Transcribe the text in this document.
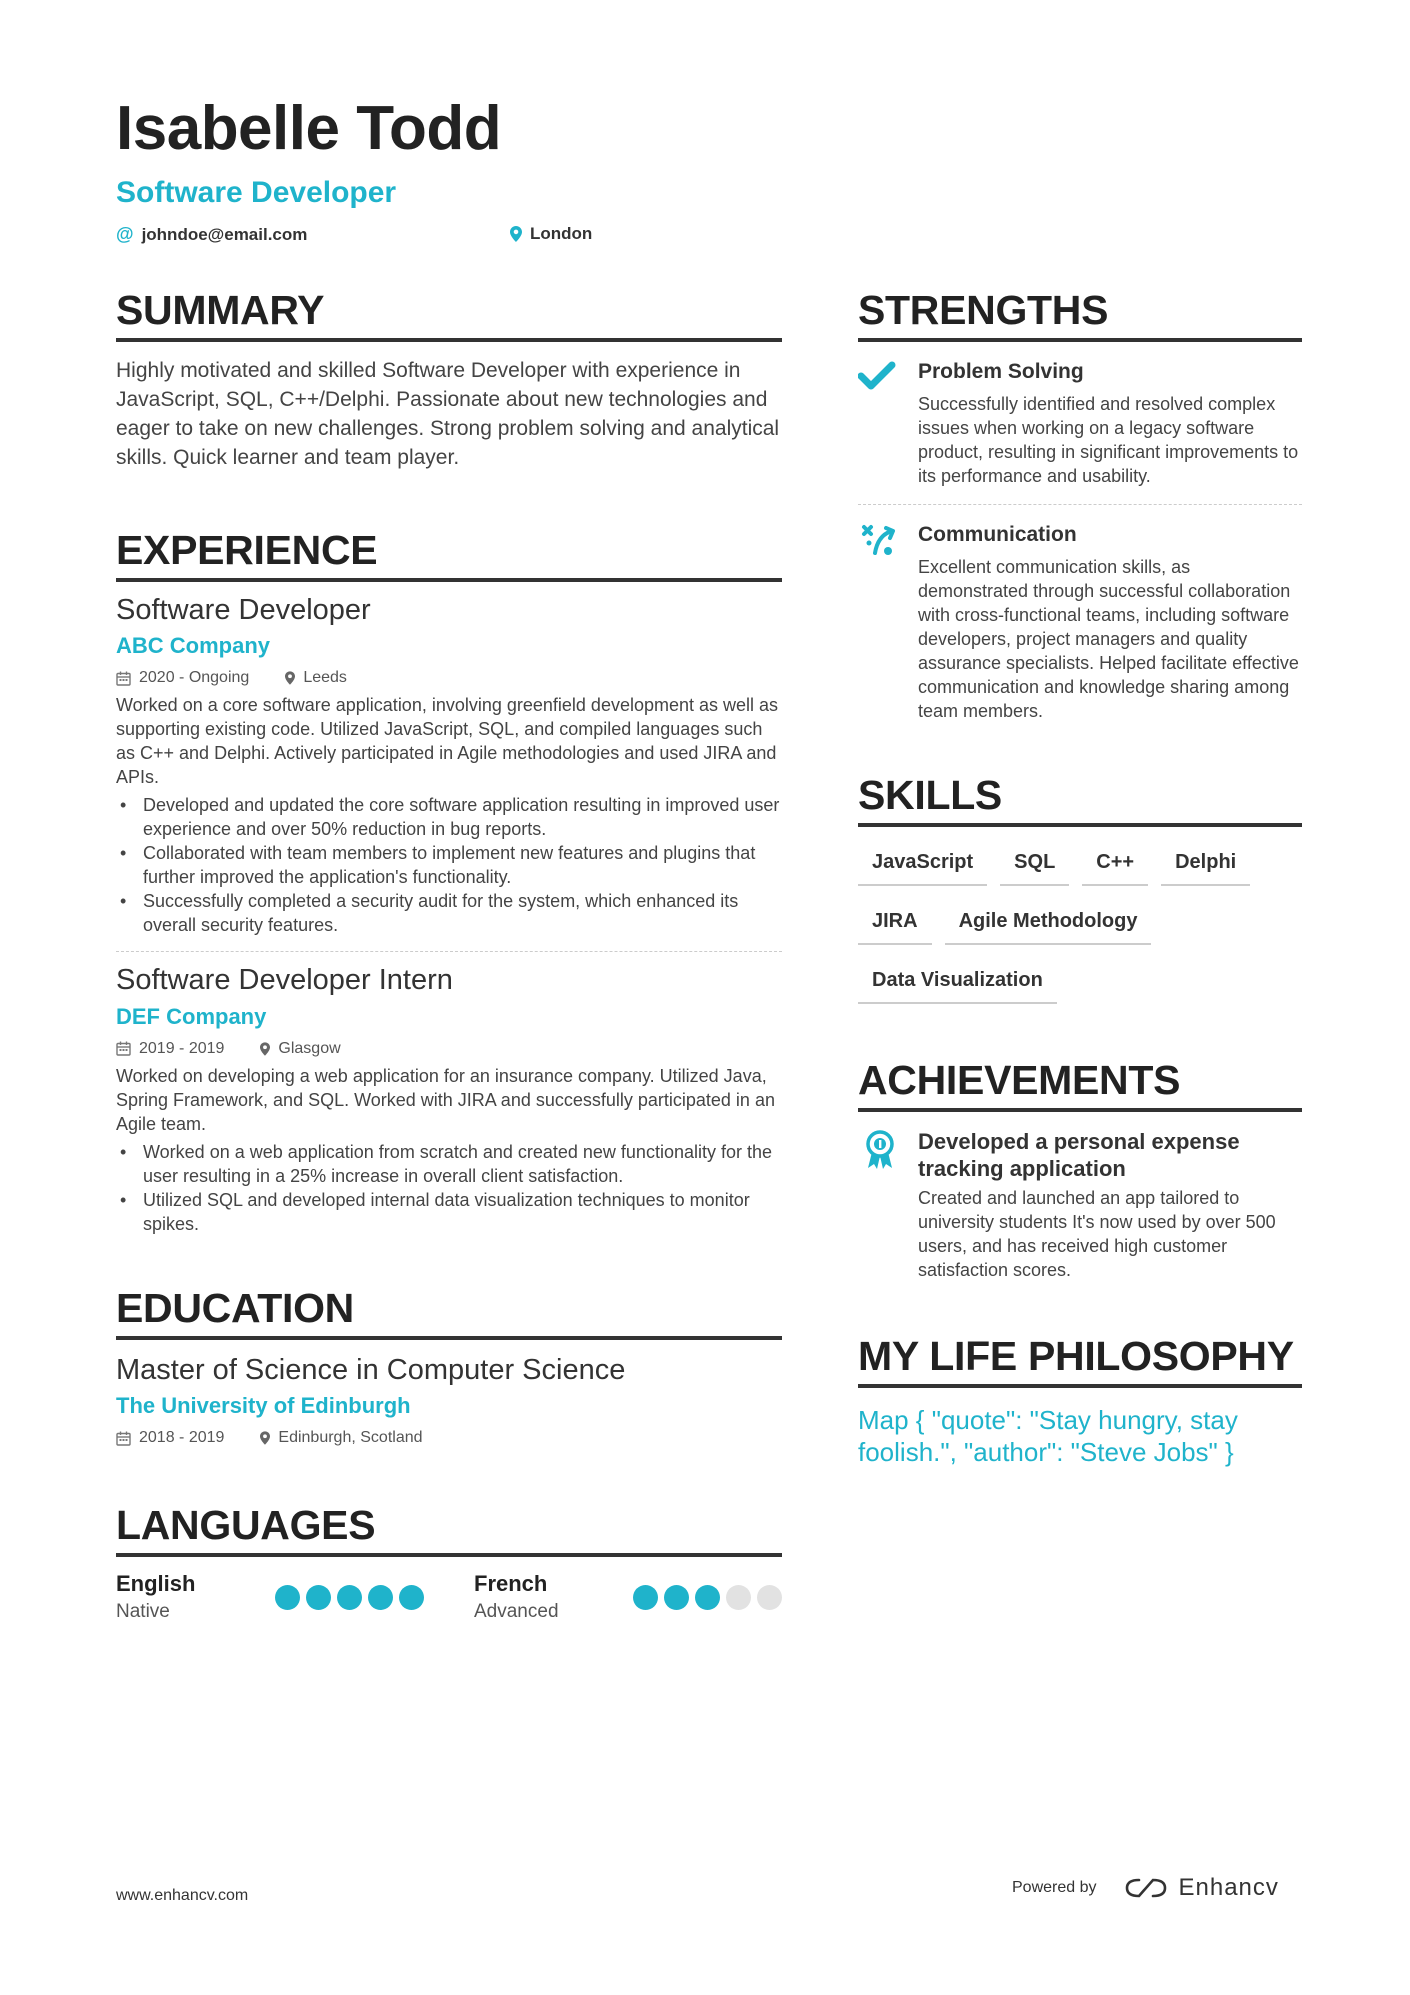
Isabelle Todd
Software Developer
@ johndoe@email.com	London
SUMMARY
Highly motivated and skilled Software Developer with experience in JavaScript, SQL, C++/Delphi. Passionate about new technologies and eager to take on new challenges. Strong problem solving and analytical skills. Quick learner and team player.
EXPERIENCE
Software Developer
ABC Company
2020 - Ongoing	Leeds
Worked on a core software application, involving greenfield development as well as supporting existing code. Utilized JavaScript, SQL, and compiled languages such as C++ and Delphi. Actively participated in Agile methodologies and used JIRA and APIs.
• Developed and updated the core software application resulting in improved user experience and over 50% reduction in bug reports.
• Collaborated with team members to implement new features and plugins that further improved the application's functionality.
• Successfully completed a security audit for the system, which enhanced its overall security features.
Software Developer Intern
DEF Company
2019 - 2019	Glasgow
Worked on developing a web application for an insurance company. Utilized Java, Spring Framework, and SQL. Worked with JIRA and successfully participated in an Agile team.
• Worked on a web application from scratch and created new functionality for the user resulting in a 25% increase in overall client satisfaction.
• Utilized SQL and developed internal data visualization techniques to monitor spikes.
EDUCATION
Master of Science in Computer Science
The University of Edinburgh
2018 - 2019	Edinburgh, Scotland
LANGUAGES
English
Native
French
Advanced
STRENGTHS
Problem Solving
Successfully identified and resolved complex issues when working on a legacy software product, resulting in significant improvements to its performance and usability.
Communication
Excellent communication skills, as demonstrated through successful collaboration with cross-functional teams, including software developers, project managers and quality assurance specialists. Helped facilitate effective communication and knowledge sharing among team members.
SKILLS
JavaScript	SQL	C++	Delphi
JIRA	Agile Methodology
Data Visualization
ACHIEVEMENTS
Developed a personal expense tracking application
Created and launched an app tailored to university students It's now used by over 500 users, and has received high customer satisfaction scores.
MY LIFE PHILOSOPHY
Map { "quote": "Stay hungry, stay foolish.", "author": "Steve Jobs" }
www.enhancv.com	Powered by	Enhancv
